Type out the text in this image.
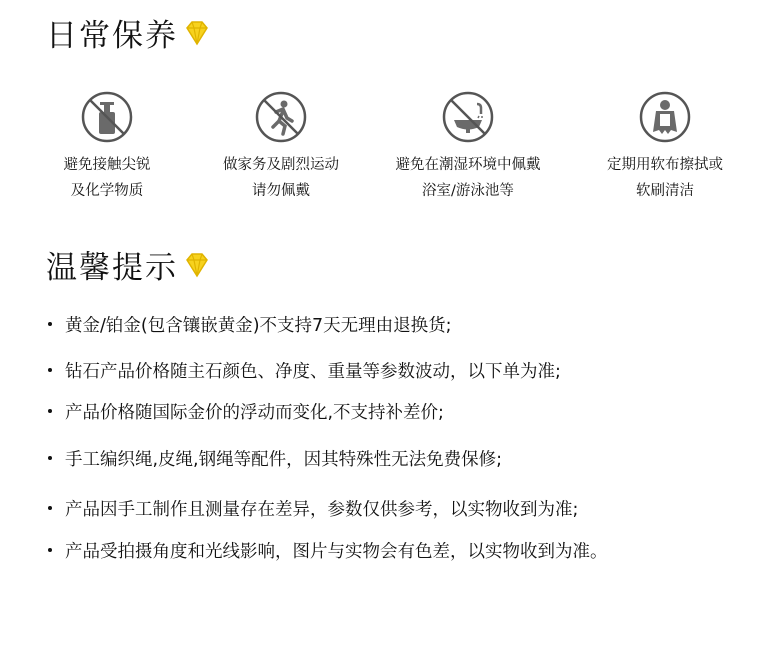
日常保养
避免接触尖锐
及化学物质
做家务及剧烈运动
请勿佩戴
避免在潮湿环境中佩戴
浴室/游泳池等
定期用软布擦拭或
软刷清洁
温馨提示
黄金/铂金(包含镶嵌黄金)不支持7天无理由退换货;
钻石产品价格随主石颜色、净度、重量等参数波动，以下单为准;
产品价格随国际金价的浮动而变化,不支持补差价;
手工编织绳,皮绳,钢绳等配件，因其特殊性无法免费保修;
产品因手工制作且测量存在差异，参数仅供参考，以实物收到为准;
产品受拍摄角度和光线影响，图片与实物会有色差，以实物收到为准。
